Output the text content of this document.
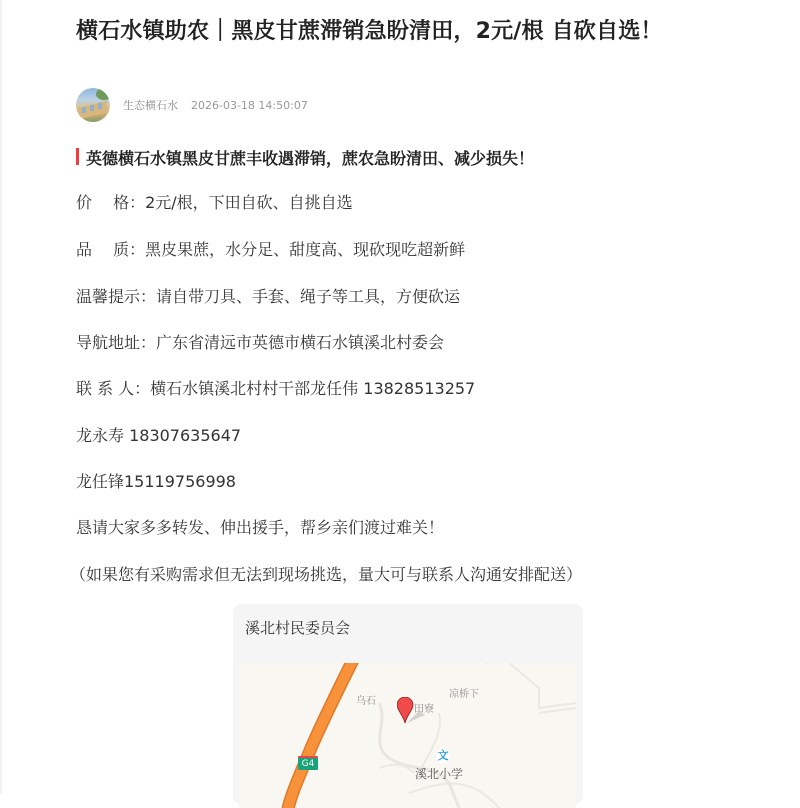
横石水镇助农｜黑皮甘蔗滞销急盼清田，2元/根 自砍自选！
生态横石水 2026-03-18 14:50:07
英德横石水镇黑皮甘蔗丰收遇滞销，蔗农急盼清田、减少损失！
价　 格：2元/根，下田自砍、自挑自选
品　 质：黑皮果蔗，水分足、甜度高、现砍现吃超新鲜
温馨提示：请自带刀具、手套、绳子等工具，方便砍运
导航地址：广东省清远市英德市横石水镇溪北村委会
联 系 人：横石水镇溪北村村干部龙任伟 13828513257
龙永寿 18307635647
龙任锋15119756998
恳请大家多多转发、伸出援手，帮乡亲们渡过难关！
（如果您有采购需求但无法到现场挑选，量大可与联系人沟通安排配送）
溪北村民委员会
乌石
田寮
凉桥下
G4
文
溪北小学
